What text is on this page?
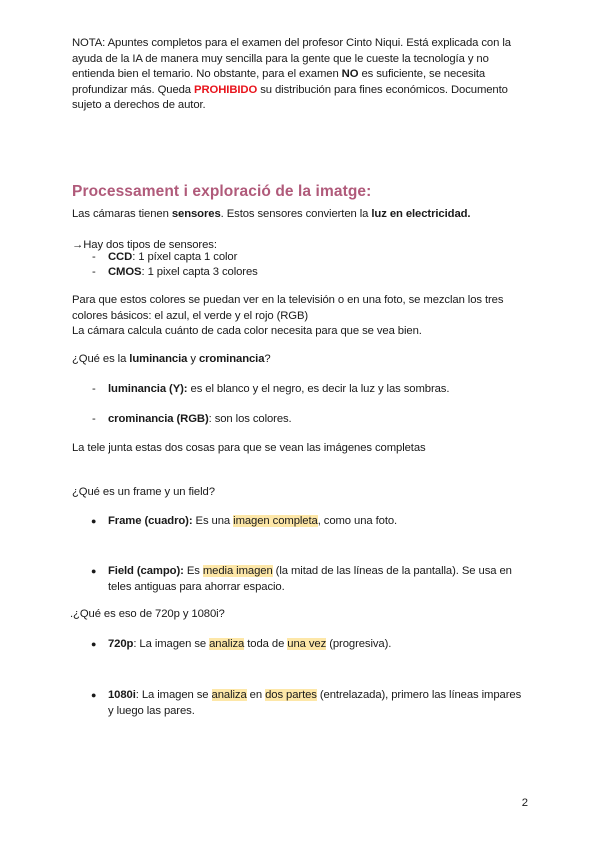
NOTA: Apuntes completos para el examen del profesor Cinto Niqui. Está explicada con la
ayuda de la IA de manera muy sencilla para la gente que le cueste la tecnología y no
entienda bien el temario. No obstante, para el examen NO es suficiente, se necesita
profundizar más. Queda PROHIBIDO su distribución para fines económicos. Documento
sujeto a derechos de autor.
Processament i exploració de la imatge:
Las cámaras tienen sensores. Estos sensores convierten la luz en electricidad.
→Hay dos tipos de sensores:
- CCD: 1 píxel capta 1 color
- CMOS: 1 pixel capta 3 colores
Para que estos colores se puedan ver en la televisión o en una foto, se mezclan los tres
colores básicos: el azul, el verde y el rojo (RGB)
La cámara calcula cuánto de cada color necesita para que se vea bien.
¿Qué es la luminancia y crominancia?
- luminancia (Y): es el blanco y el negro, es decir la luz y las sombras.
- crominancia (RGB): son los colores.
La tele junta estas dos cosas para que se vean las imágenes completas
¿Qué es un frame y un field?
● Frame (cuadro): Es una imagen completa, como una foto.
● Field (campo): Es media imagen (la mitad de las líneas de la pantalla). Se usa en
teles antiguas para ahorrar espacio.
.¿Qué es eso de 720p y 1080i?
● 720p: La imagen se analiza toda de una vez (progresiva).
● 1080i: La imagen se analiza en dos partes (entrelazada), primero las líneas impares
y luego las pares.
2
